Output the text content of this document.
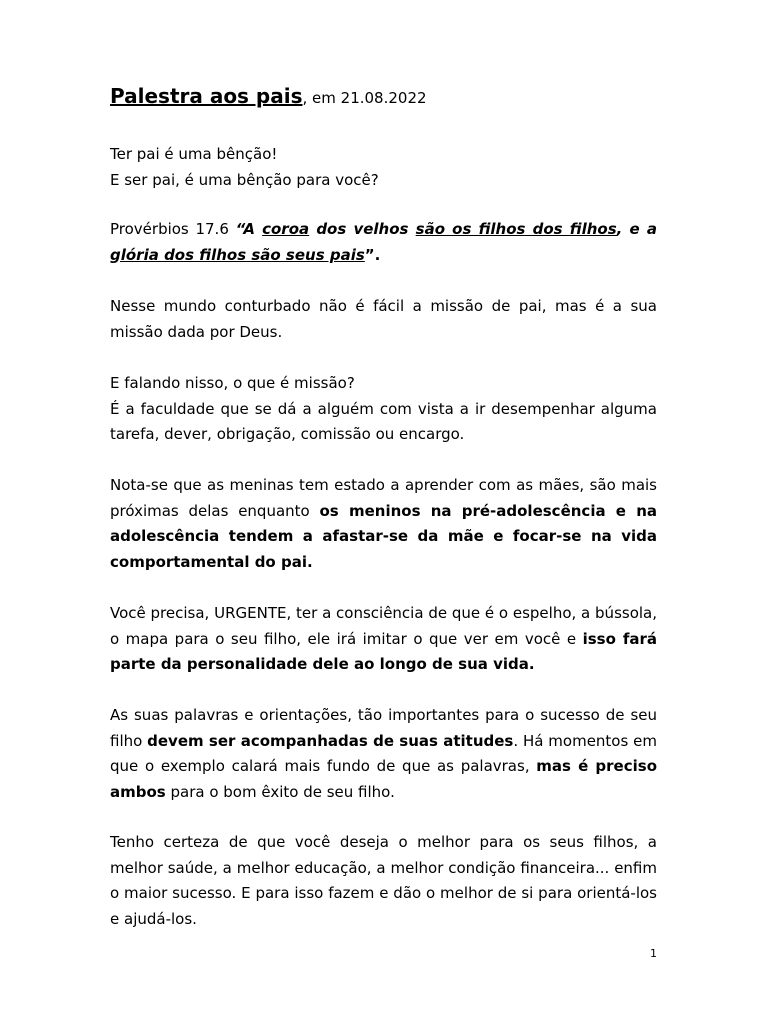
Palestra aos pais, em 21.08.2022
Ter pai é uma bênção!
E ser pai, é uma bênção para você?
Provérbios 17.6 “A coroa dos velhos são os filhos dos filhos, e a glória dos filhos são seus pais”.

Nesse mundo conturbado não é fácil a missão de pai, mas é a sua missão dada por Deus.

E falando nisso, o que é missão?
É a faculdade que se dá a alguém com vista a ir desempenhar alguma tarefa, dever, obrigação, comissão ou encargo.
Nota-se que as meninas tem estado a aprender com as mães, são mais próximas delas enquanto os meninos na pré-adolescência e na adolescência tendem a afastar-se da mãe e focar-se na vida comportamental do pai.
Você precisa, URGENTE, ter a consciência de que é o espelho, a bússola, o mapa para o seu filho, ele irá imitar o que ver em você e isso fará parte da personalidade dele ao longo de sua vida.
As suas palavras e orientações, tão importantes para o sucesso de seu filho devem ser acompanhadas de suas atitudes. Há momentos em que o exemplo calará mais fundo de que as palavras, mas é preciso ambos para o bom êxito de seu filho.

Tenho certeza de que você deseja o melhor para os seus filhos, a melhor saúde, a melhor educação, a melhor condição financeira... enfim o maior sucesso. E para isso fazem e dão o melhor de si para orientá-los e ajudá-los.

1
